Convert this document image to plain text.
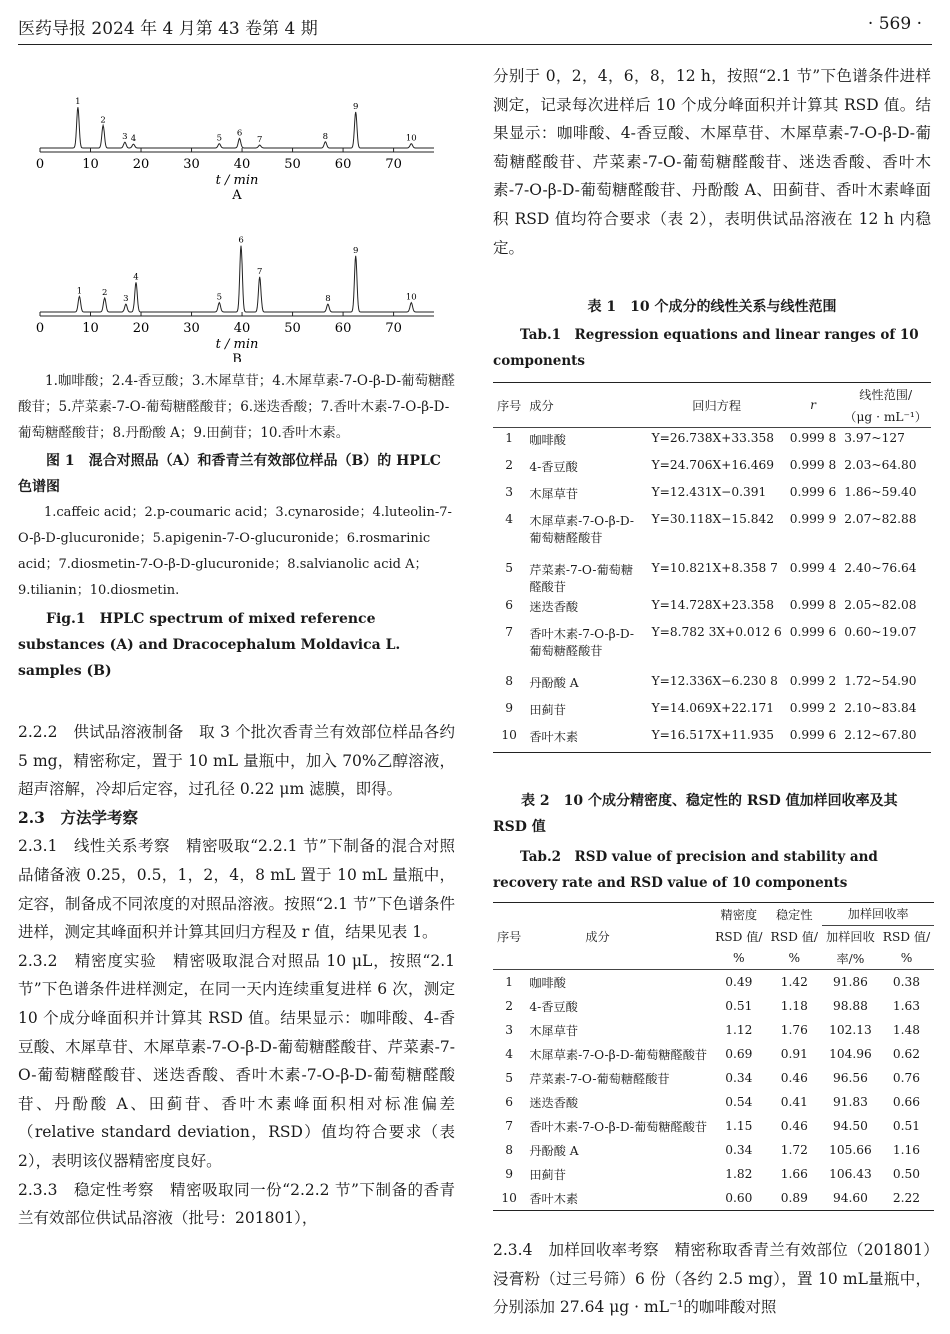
医药导报 2024 年 4 月第 43 卷第 4 期	· 569 ·
0	10	20	30	40	50	60	70
t / min
A
1
2
3 4	5
6
7	8
9
10
0	10	20	30	40	50	60	70
t / min
B
1 2
3
4
5
6
7
8
9
10
1.咖啡酸；2.4-香豆酸；3.木犀草苷；4.木犀草素-7-O-β-D-葡萄糖醛酸苷；5.芹菜素-7-O-葡萄糖醛酸苷；6.迷迭香酸；7.香叶木素-7-O-β-D-葡萄糖醛酸苷；8.丹酚酸 A；9.田蓟苷；10.香叶木素。
图 1　混合对照品（A）和香青兰有效部位样品（B）的 HPLC 色谱图
1.caffeic acid；2.p-coumaric acid；3.cynaroside；4.luteolin-7-O-β-D-glucuronide；5.apigenin-7-O-glucuronide；6.rosmarinic acid；7.diosmetin-7-O-β-D-glucuronide；8.salvianolic acid A；9.tilianin；10.diosmetin.
Fig.1　HPLC spectrum of mixed reference substances (A) and Dracocephalum Moldavica L. samples (B)
2.2.2　供试品溶液制备　取 3 个批次香青兰有效部位样品各约 5 mg，精密称定，置于 10 mL 量瓶中，加入 70%乙醇溶液，超声溶解，冷却后定容，过孔径 0.22 μm 滤膜，即得。
2.3　方法学考察
2.3.1　线性关系考察　精密吸取“2.2.1 节”下制备的混合对照品储备液 0.25，0.5，1，2，4，8 mL 置于 10 mL 量瓶中，定容，制备成不同浓度的对照品溶液。按照“2.1 节”下色谱条件进样，测定其峰面积并计算其回归方程及 r 值，结果见表 1。
2.3.2　精密度实验　精密吸取混合对照品 10 μL，按照“2.1 节”下色谱条件进样测定，在同一天内连续重复进样 6 次，测定 10 个成分峰面积并计算其 RSD 值。结果显示：咖啡酸、4-香豆酸、木犀草苷、木犀草素-7-O-β-D-葡萄糖醛酸苷、芹菜素-7-O-葡萄糖醛酸苷、迷迭香酸、香叶木素-7-O-β-D-葡萄糖醛酸苷、丹酚酸 A、田蓟苷、香叶木素峰面积相对标准偏差（relative standard deviation，RSD）值均符合要求（表 2），表明该仪器精密度良好。
2.3.3　稳定性考察　精密吸取同一份“2.2.2 节”下制备的香青兰有效部位供试品溶液（批号：201801），
分别于 0，2，4，6，8，12 h，按照“2.1 节”下色谱条件进样测定，记录每次进样后 10 个成分峰面积并计算其 RSD 值。结果显示：咖啡酸、4-香豆酸、木犀草苷、木犀草素-7-O-β-D-葡萄糖醛酸苷、芹菜素-7-O-葡萄糖醛酸苷、迷迭香酸、香叶木素-7-O-β-D-葡萄糖醛酸苷、丹酚酸 A、田蓟苷、香叶木素峰面积 RSD 值均符合要求（表 2），表明供试品溶液在 12 h 内稳定。
表 1　10 个成分的线性关系与线性范围
Tab.1　Regression equations and linear ranges of 10 components
序号	成分	回归方程	r	线性范围/
				（μg · mL⁻¹）
1	咖啡酸	Y=26.738X+33.358	0.999 8	3.97~127
2	4-香豆酸	Y=24.706X+16.469	0.999 8	2.03~64.80
3	木犀草苷	Y=12.431X−0.391	0.999 6	1.86~59.40
4	木犀草素-7-O-β-D-葡萄糖醛酸苷	Y=30.118X−15.842	0.999 9	2.07~82.88
5	芹菜素-7-O-葡萄糖醛酸苷	Y=10.821X+8.358 7	0.999 4	2.40~76.64
6	迷迭香酸	Y=14.728X+23.358	0.999 8	2.05~82.08
7	香叶木素-7-O-β-D-葡萄糖醛酸苷	Y=8.782 3X+0.012 6	0.999 6	0.60~19.07
8	丹酚酸 A	Y=12.336X−6.230 8	0.999 2	1.72~54.90
9	田蓟苷	Y=14.069X+22.171	0.999 2	2.10~83.84
10	香叶木素	Y=16.517X+11.935	0.999 6	2.12~67.80
表 2　10 个成分精密度、稳定性的 RSD 值加样回收率及其 RSD 值
Tab.2　RSD value of precision and stability and recovery rate and RSD value of 10 components
序号	成分	精密度	稳定性	加样回收率	
		RSD 值/	RSD 值/	加样回收	RSD 值/
		%	%	率/%	%
1	咖啡酸	0.49	1.42	91.86	0.38
2	4-香豆酸	0.51	1.18	98.88	1.63
3	木犀草苷	1.12	1.76	102.13	1.48
4	木犀草素-7-O-β-D-葡萄糖醛酸苷	0.69	0.91	104.96	0.62
5	芹菜素-7-O-葡萄糖醛酸苷	0.34	0.46	96.56	0.76
6	迷迭香酸	0.54	0.41	91.83	0.66
7	香叶木素-7-O-β-D-葡萄糖醛酸苷	1.15	0.46	94.50	0.51
8	丹酚酸 A	0.34	1.72	105.66	1.16
9	田蓟苷	1.82	1.66	106.43	0.50
10	香叶木素	0.60	0.89	94.60	2.22
2.3.4　加样回收率考察　精密称取香青兰有效部位（201801）浸膏粉（过三号筛）6 份（各约 2.5 mg），置 10 mL量瓶中，分别添加 27.64 μg · mL⁻¹的咖啡酸对照
